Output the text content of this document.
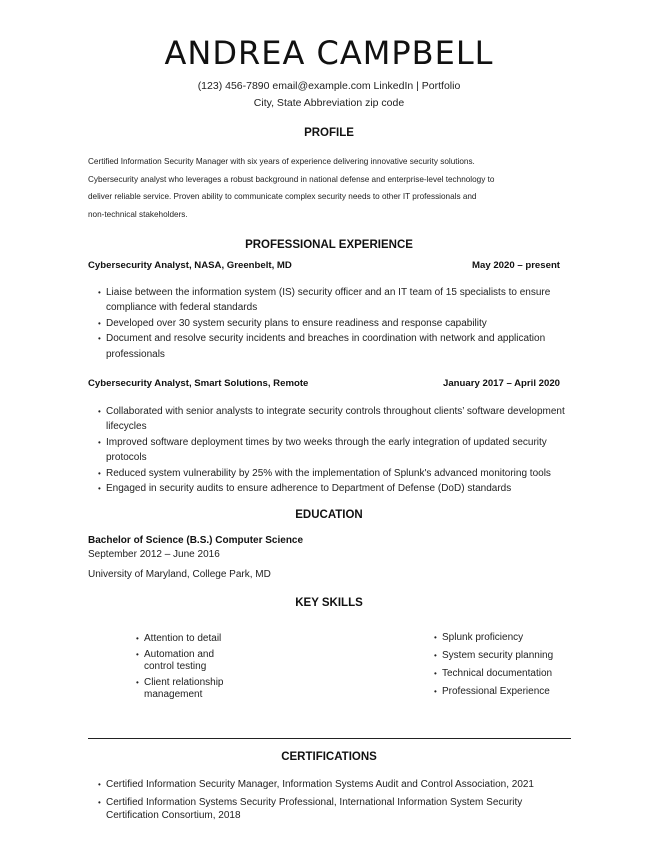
ANDREA CAMPBELL
(123) 456-7890 email@example.com LinkedIn | Portfolio
City, State Abbreviation zip code
PROFILE
Certified Information Security Manager with six years of experience delivering innovative security solutions.
Cybersecurity analyst who leverages a robust background in national defense and enterprise-level technology to
deliver reliable service. Proven ability to communicate complex security needs to other IT professionals and
non-technical stakeholders.
PROFESSIONAL EXPERIENCE
Cybersecurity Analyst, NASA, Greenbelt, MD	May 2020 – present
• Liaise between the information system (IS) security officer and an IT team of 15 specialists to ensure compliance with federal standards
• Developed over 30 system security plans to ensure readiness and response capability
• Document and resolve security incidents and breaches in coordination with network and application professionals
Cybersecurity Analyst, Smart Solutions, Remote	January 2017 – April 2020
• Collaborated with senior analysts to integrate security controls throughout clients’ software development lifecycles
• Improved software deployment times by two weeks through the early integration of updated security protocols
• Reduced system vulnerability by 25% with the implementation of Splunk's advanced monitoring tools
• Engaged in security audits to ensure adherence to Department of Defense (DoD) standards
EDUCATION
Bachelor of Science (B.S.) Computer Science
September 2012 – June 2016
University of Maryland, College Park, MD
KEY SKILLS
• Attention to detail
• Automation and control testing
• Client relationship management
• Splunk proficiency
• System security planning
• Technical documentation
• Professional Experience
CERTIFICATIONS
• Certified Information Security Manager, Information Systems Audit and Control Association, 2021
• Certified Information Systems Security Professional, International Information System Security Certification Consortium, 2018
